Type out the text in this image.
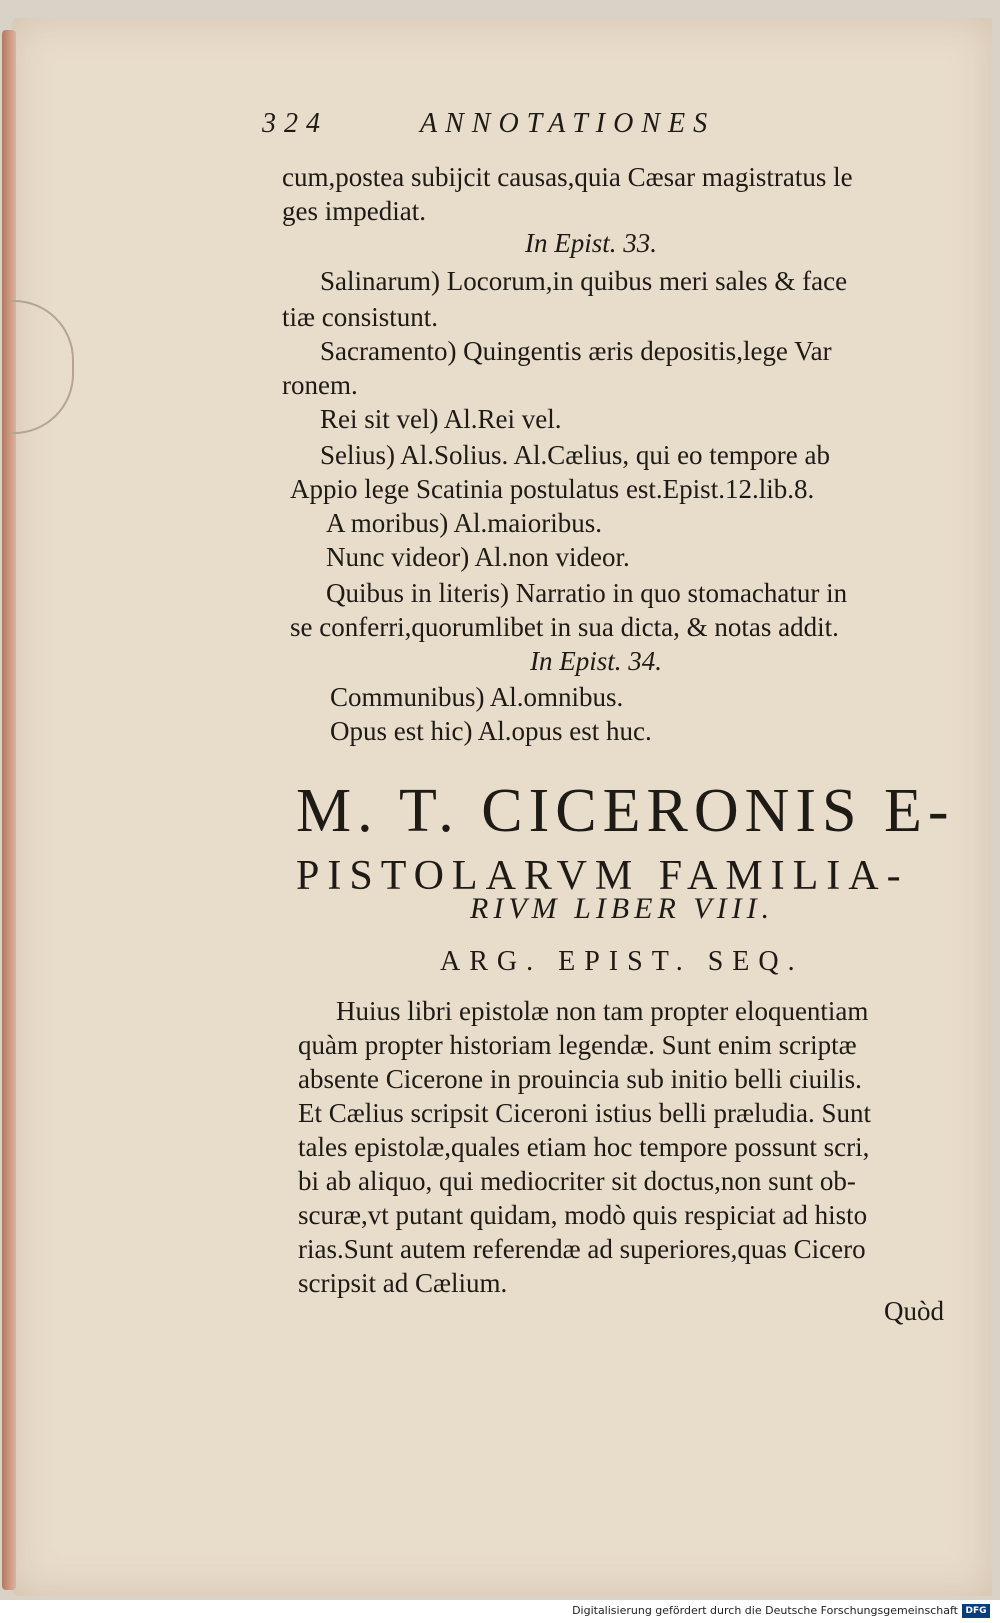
324	ANNOTATIONES
cum,postea subijcit causas,quia Cæsar magistratus le
ges impediat.
In Epist. 33.
Salinarum) Locorum,in quibus meri sales & face
tiæ consistunt.
Sacramento) Quingentis æris depositis,lege Var
ronem.
Rei sit vel) Al.Rei vel.
Selius) Al.Solius. Al.Cælius, qui eo tempore ab
Appio lege Scatinia postulatus est.Epist.12.lib.8.
A moribus) Al.maioribus.
Nunc videor) Al.non videor.
Quibus in literis) Narratio in quo stomachatur in
se conferri,quorumlibet in sua dicta, & notas addit.
In Epist. 34.
Communibus) Al.omnibus.
Opus est hic) Al.opus est huc.
M. T. CICERONIS E-
PISTOLARVM FAMILIA-
RIVM LIBER VIII.
ARG. EPIST. SEQ.
Huius libri epistolæ non tam propter eloquentiam
quàm propter historiam legendæ. Sunt enim scriptæ
absente Cicerone in prouincia sub initio belli ciuilis.
Et Cælius scripsit Ciceroni istius belli præludia. Sunt
tales epistolæ,quales etiam hoc tempore possunt scri,
bi ab aliquo, qui mediocriter sit doctus,non sunt ob-
scuræ,vt putant quidam, modò quis respiciat ad histo
rias.Sunt autem referendæ ad superiores,quas Cicero
scripsit ad Cælium.
Quòd
Digitalisierung gefördert durch die Deutsche Forschungsgemeinschaft DFG
